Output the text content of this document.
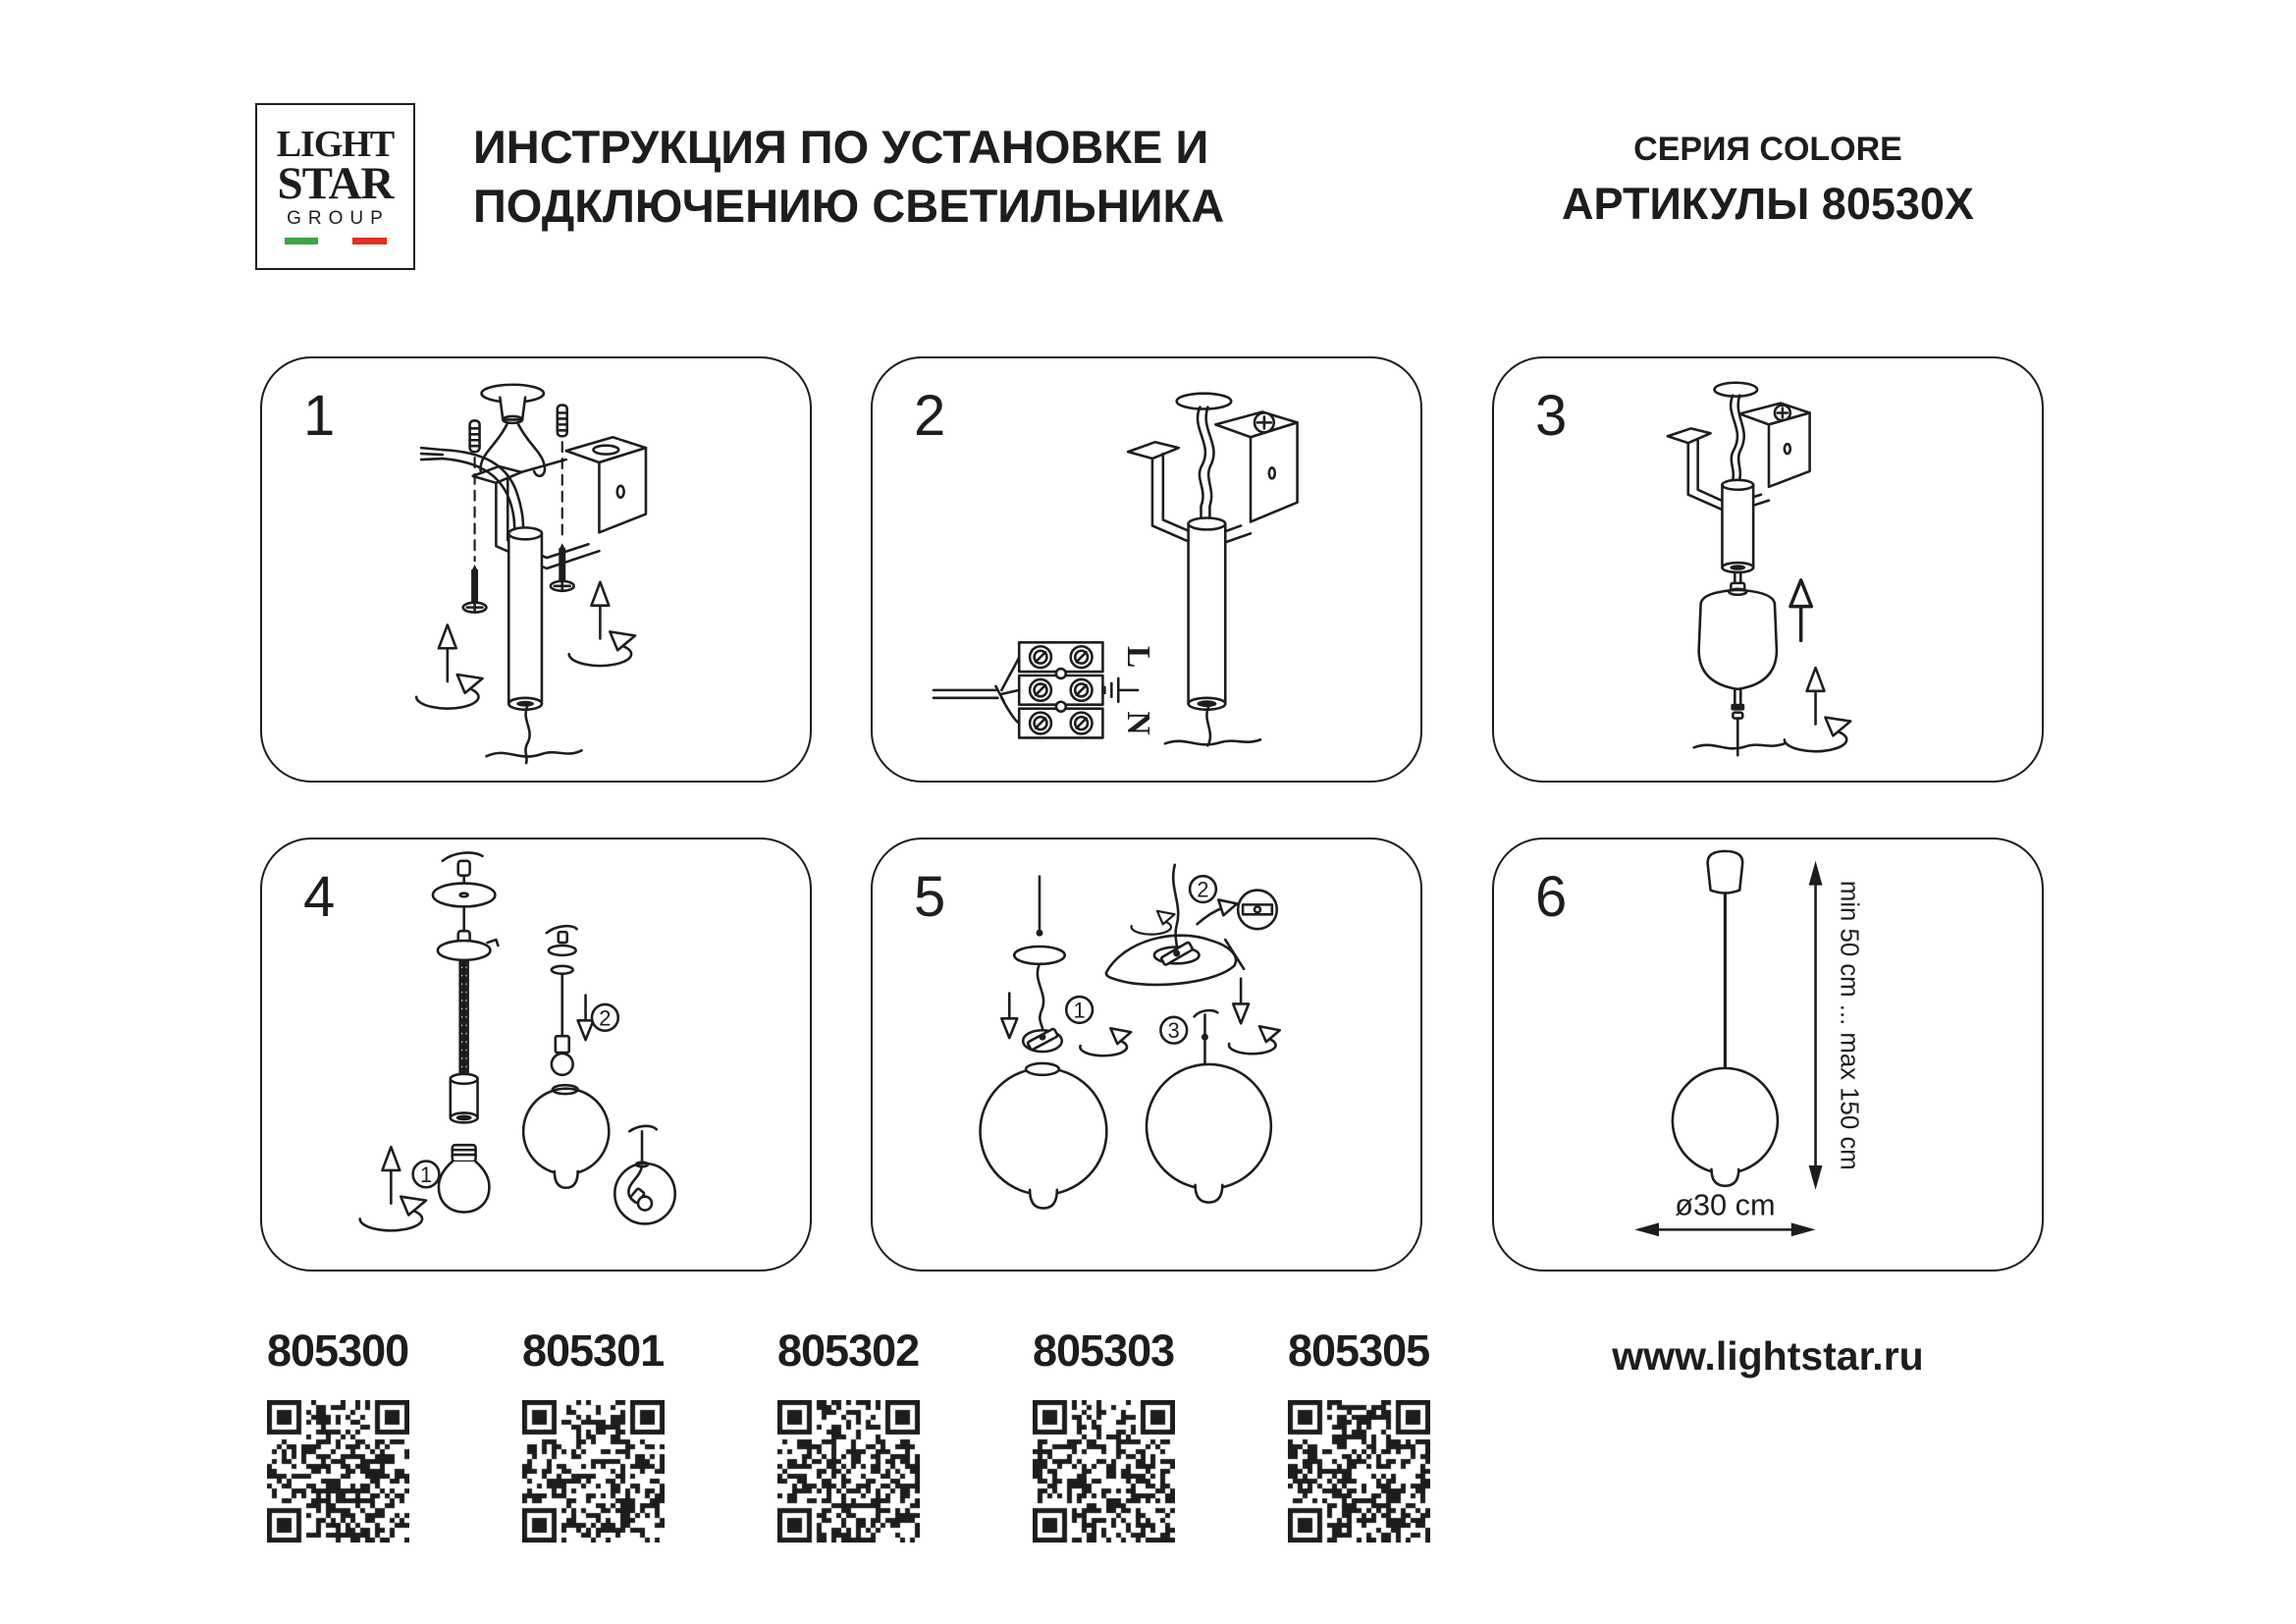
LIGHT
STAR
GROUP
ИНСТРУКЦИЯ ПО УСТАНОВКЕ И
ПОДКЛЮЧЕНИЮ СВЕТИЛЬНИКА
СЕРИЯ COLORE
АРТИКУЛЫ 80530X
1	2
L
N
3
4
1
2
5
1
2
3
6	min 50 cm ... max 150 cm
ø30 cm
805300	805301	805302	805303	805305	www.lightstar.ru
